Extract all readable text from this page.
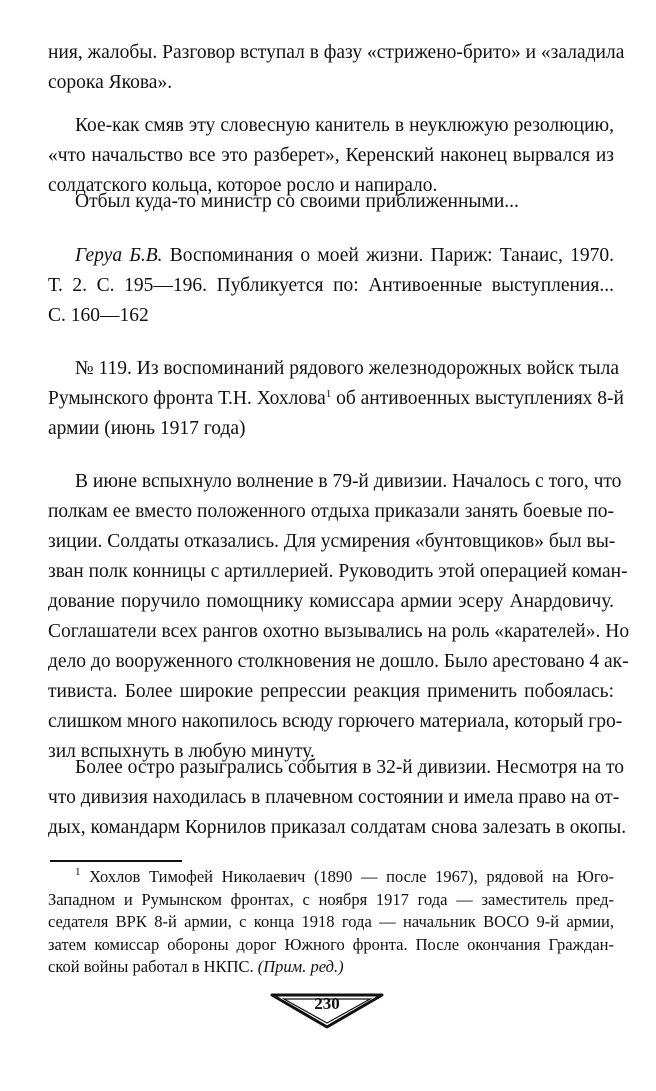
ния, жалобы. Разговор вступал в фазу «стрижено-брито» и «заладила
сорока Якова».
Кое-как смяв эту словесную канитель в неуклюжую резолюцию,
«что начальство все это разберет», Керенский наконец вырвался из
солдатского кольца, которое росло и напирало.
Отбыл куда-то министр со своими приближенными...
Геруа Б.В. Воспоминания о моей жизни. Париж: Танаис, 1970.
Т. 2. С. 195—196. Публикуется по: Антивоенные выступления...
С. 160—162
№ 119. Из воспоминаний рядового железнодорожных войск тыла
Румынского фронта Т.Н. Хохлова$^1$ об антивоенных выступлениях 8-й
армии (июнь 1917 года)
В июне вспыхнуло волнение в 79-й дивизии. Началось с того, что
полкам ее вместо положенного отдыха приказали занять боевые по-
зиции. Солдаты отказались. Для усмирения «бунтовщиков» был вы-
зван полк конницы с артиллерией. Руководить этой операцией коман-
дование поручило помощнику комиссара армии эсеру Анардовичу.
Соглашатели всех рангов охотно вызывались на роль «карателей». Но
дело до вооруженного столкновения не дошло. Было арестовано 4 ак-
тивиста. Более широкие репрессии реакция применить побоялась:
слишком много накопилось всюду горючего материала, который гро-
зил вспыхнуть в любую минуту.
Более остро разыгрались события в 32-й дивизии. Несмотря на то
что дивизия находилась в плачевном состоянии и имела право на от-
дых, командарм Корнилов приказал солдатам снова залезать в окопы.
$^1$ Хохлов Тимофей Николаевич (1890 — после 1967), рядовой на Юго-
Западном и Румынском фронтах, с ноября 1917 года — заместитель пред-
седателя ВРК 8-й армии, с конца 1918 года — начальник ВОСО 9-й армии,
затем комиссар обороны дорог Южного фронта. После окончания Граждан-
ской войны работал в НКПС. (Прим. ред.)
230
